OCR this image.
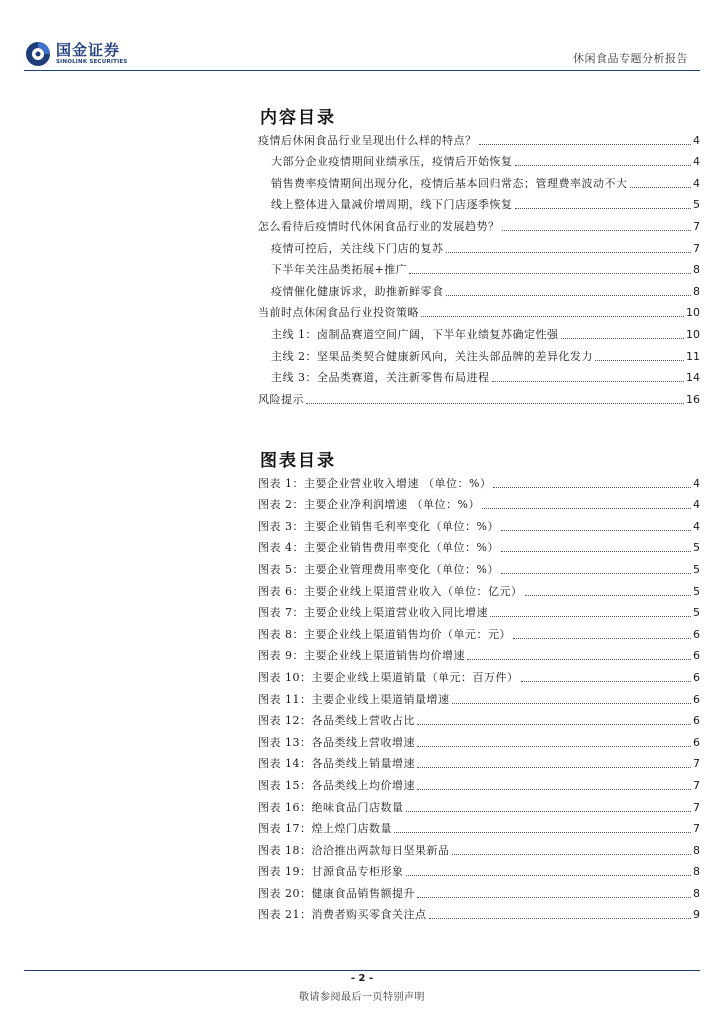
国金证券
SINOLINK SECURITIES	休闲食品专题分析报告
内容目录
疫情后休闲食品行业呈现出什么样的特点？	4
大部分企业疫情期间业绩承压，疫情后开始恢复	4
销售费率疫情期间出现分化，疫情后基本回归常态；管理费率波动不大	4
线上整体进入量减价增周期，线下门店逐季恢复	5
怎么看待后疫情时代休闲食品行业的发展趋势？	7
疫情可控后，关注线下门店的复苏	7
下半年关注品类拓展+推广	8
疫情催化健康诉求，助推新鲜零食	8
当前时点休闲食品行业投资策略	10
主线 1：卤制品赛道空间广阔，下半年业绩复苏确定性强	10
主线 2：坚果品类契合健康新风向，关注头部品牌的差异化发力	11
主线 3：全品类赛道，关注新零售布局进程	14
风险提示	16
图表目录
图表 1：主要企业营业收入增速 （单位：%）	4
图表 2：主要企业净利润增速 （单位：%）	4
图表 3：主要企业销售毛利率变化（单位：%）	4
图表 4：主要企业销售费用率变化（单位：%）	5
图表 5：主要企业管理费用率变化（单位：%）	5
图表 6：主要企业线上渠道营业收入（单位：亿元）	5
图表 7：主要企业线上渠道营业收入同比增速	5
图表 8：主要企业线上渠道销售均价（单元：元）	6
图表 9：主要企业线上渠道销售均价增速	6
图表 10：主要企业线上渠道销量（单元：百万件）	6
图表 11：主要企业线上渠道销量增速	6
图表 12：各品类线上营收占比	6
图表 13：各品类线上营收增速	6
图表 14：各品类线上销量增速	7
图表 15：各品类线上均价增速	7
图表 16：绝味食品门店数量	7
图表 17：煌上煌门店数量	7
图表 18：洽洽推出两款每日坚果新品	8
图表 19：甘源食品专柜形象	8
图表 20：健康食品销售额提升	8
图表 21：消费者购买零食关注点	9
- 2 -
敬请参阅最后一页特别声明
